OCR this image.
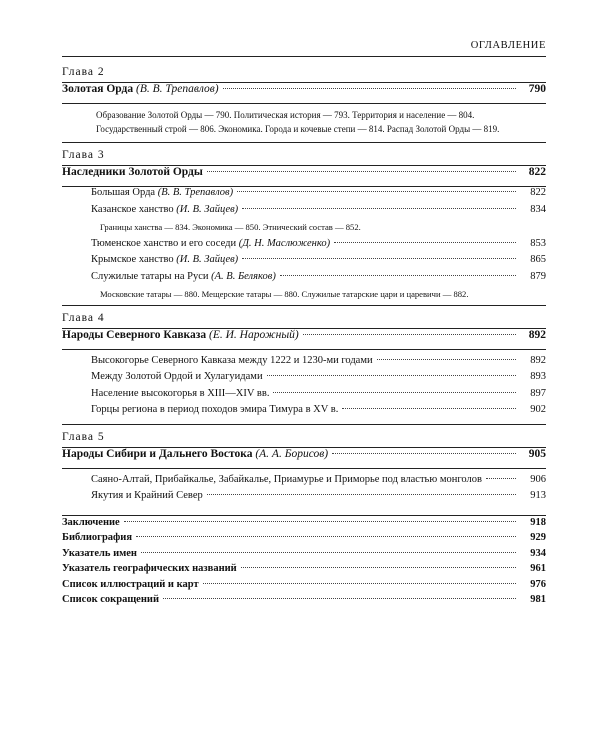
ОГЛАВЛЕНИЕ
Глава 2
Золотая Орда
(В. В. Трепавлов)	790
Образование Золотой Орды — 790. Политическая история — 793. Территория и население — 804. Государственный строй — 806. Экономика. Города и кочевые степи — 814. Распад Золотой Орды — 819.
Глава 3
Наследники Золотой Орды	822
Большая Орда
(В. В. Трепавлов)	822
Казанское ханство
(И. В. Зайцев)	834
Границы ханства — 834. Экономика — 850. Этнический состав — 852.
Тюменское ханство и его соседи
(Д. Н. Маслюженко)	853
Крымское ханство
(И. В. Зайцев)	865
Служилые татары на Руси
(А. В. Беляков)	879
Московские татары — 880. Мещерские татары — 880. Служилые татарские цари и царевичи — 882.
Глава 4
Народы Северного Кавказа
(Е. И. Нарожный)	892
Высокогорье Северного Кавказа между 1222 и 1230-ми годами	892
Между Золотой Ордой и Хулагуидами	893
Население высокогорья в XIII—XIV вв.	897
Горцы региона в период походов эмира Тимура в XV в.	902
Глава 5
Народы Сибири и Дальнего Востока
(А. А. Борисов)	905
Саяно-Алтай, Прибайкалье, Забайкалье, Приамурье и Приморье под властью монголов	906
Якутия и Крайний Север	913
Заключение	918
Библиография	929
Указатель имен	934
Указатель географических названий	961
Список иллюстраций и карт	976
Список сокращений	981
